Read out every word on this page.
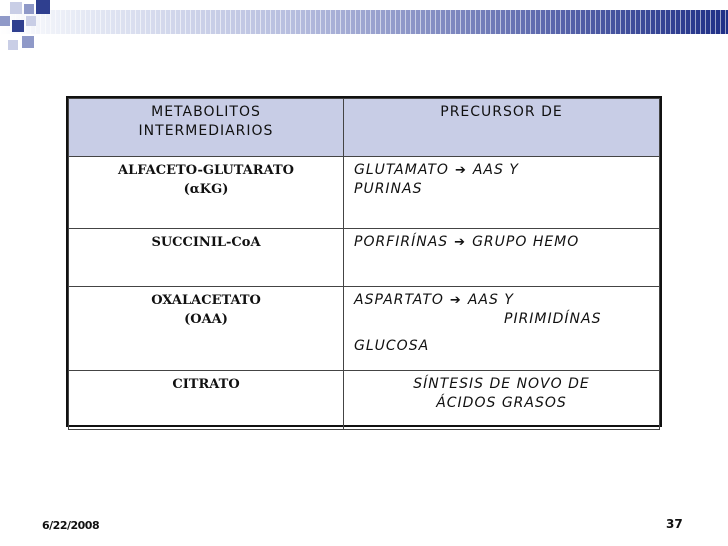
METABOLITOS
INTERMEDIARIOS	PRECURSOR DE

ALFACETO-GLUTARATO
(αKG)	GLUTAMATO ➔ AAS Y
PURINAS

SUCCINIL-CoA	PORFIRÍNAS ➔ GRUPO HEMO

OXALACETATO
(OAA)	ASPARTATO ➔ AAS Y
PIRIMIDÍNAS
GLUCOSA

CITRATO	SÍNTESIS DE NOVO DE
ÁCIDOS GRASOS
6/22/2008	37
